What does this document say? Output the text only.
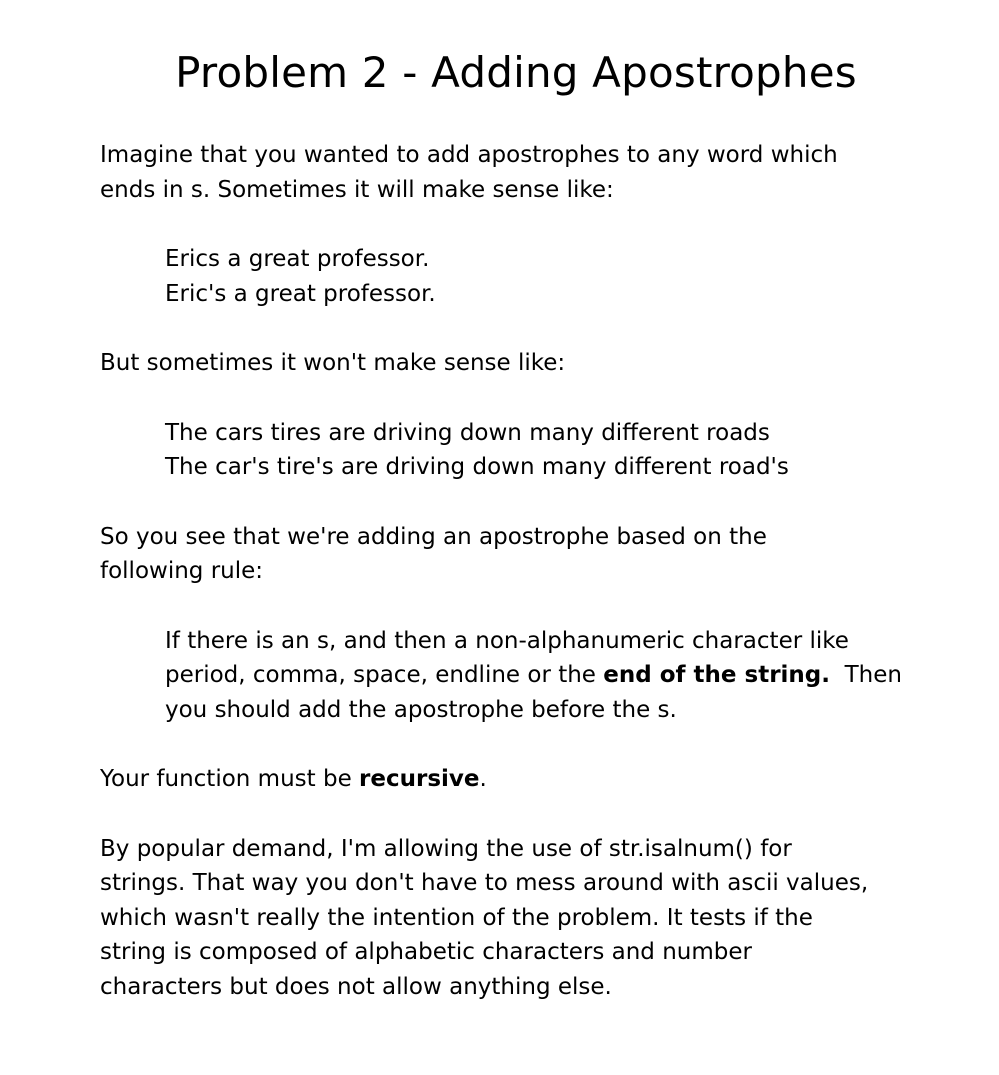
Problem 2 - Adding Apostrophes

Imagine that you wanted to add apostrophes to any word which
ends in s. Sometimes it will make sense like:

Erics a great professor.
Eric's a great professor.

But sometimes it won't make sense like:

The cars tires are driving down many different roads
The car's tire's are driving down many different road's

So you see that we're adding an apostrophe based on the
following rule:

If there is an s, and then a non-alphanumeric character like
period, comma, space, endline or the end of the string.  Then
you should add the apostrophe before the s.

Your function must be recursive.

By popular demand, I'm allowing the use of str.isalnum() for
strings. That way you don't have to mess around with ascii values,
which wasn't really the intention of the problem. It tests if the
string is composed of alphabetic characters and number
characters but does not allow anything else.
